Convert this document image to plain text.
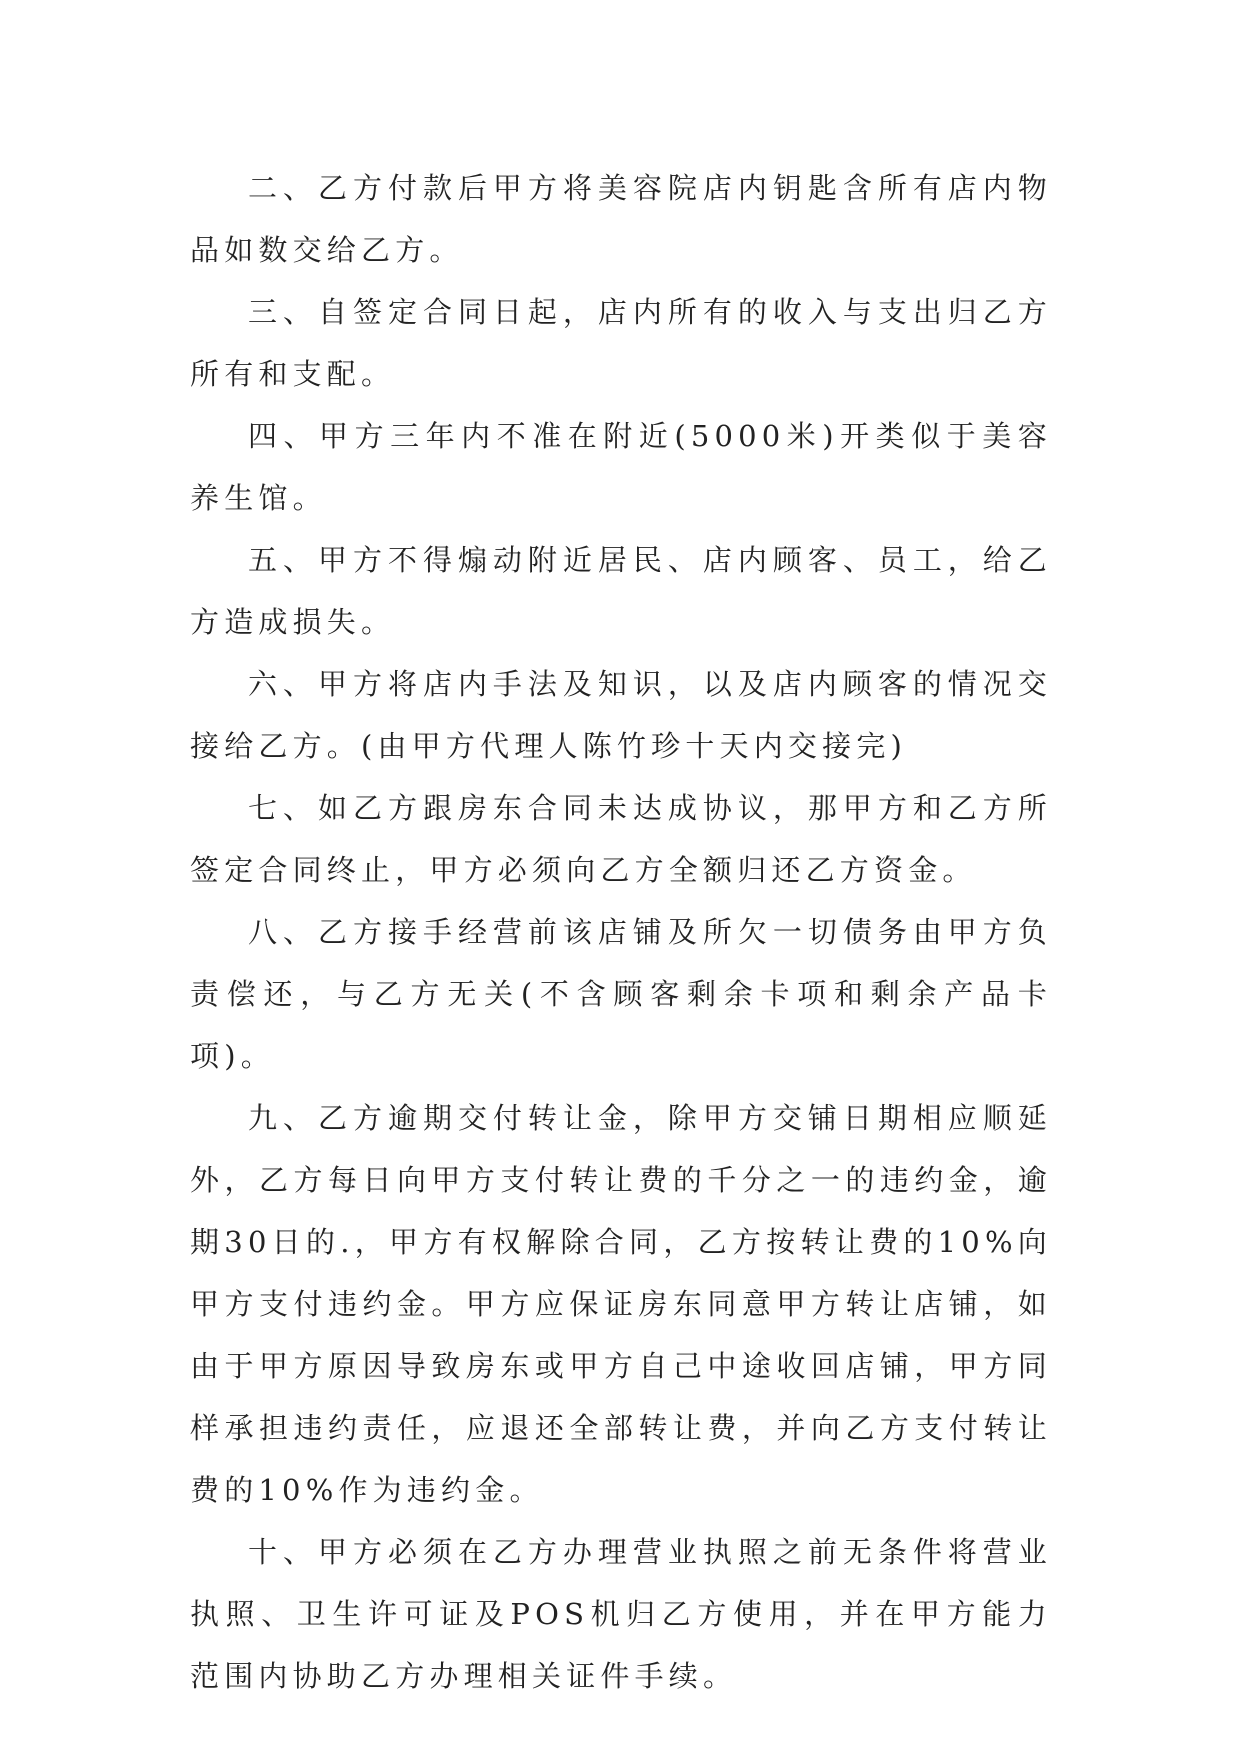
二、乙方付款后甲方将美容院店内钥匙含所有店内物品如数交给乙方。

三、自签定合同日起，店内所有的收入与支出归乙方所有和支配。

四、甲方三年内不准在附近(5000米)开类似于美容养生馆。

五、甲方不得煽动附近居民、店内顾客、员工，给乙方造成损失。

六、甲方将店内手法及知识，以及店内顾客的情况交接给乙方。(由甲方代理人陈竹珍十天内交接完)

七、如乙方跟房东合同未达成协议，那甲方和乙方所签定合同终止，甲方必须向乙方全额归还乙方资金。

八、乙方接手经营前该店铺及所欠一切债务由甲方负责偿还，与乙方无关(不含顾客剩余卡项和剩余产品卡项)。

九、乙方逾期交付转让金，除甲方交铺日期相应顺延外，乙方每日向甲方支付转让费的千分之一的违约金，逾期30日的.，甲方有权解除合同，乙方按转让费的10%向甲方支付违约金。甲方应保证房东同意甲方转让店铺，如由于甲方原因导致房东或甲方自己中途收回店铺，甲方同样承担违约责任，应退还全部转让费，并向乙方支付转让费的10%作为违约金。

十、甲方必须在乙方办理营业执照之前无条件将营业执照、卫生许可证及POS机归乙方使用，并在甲方能力范围内协助乙方办理相关证件手续。
